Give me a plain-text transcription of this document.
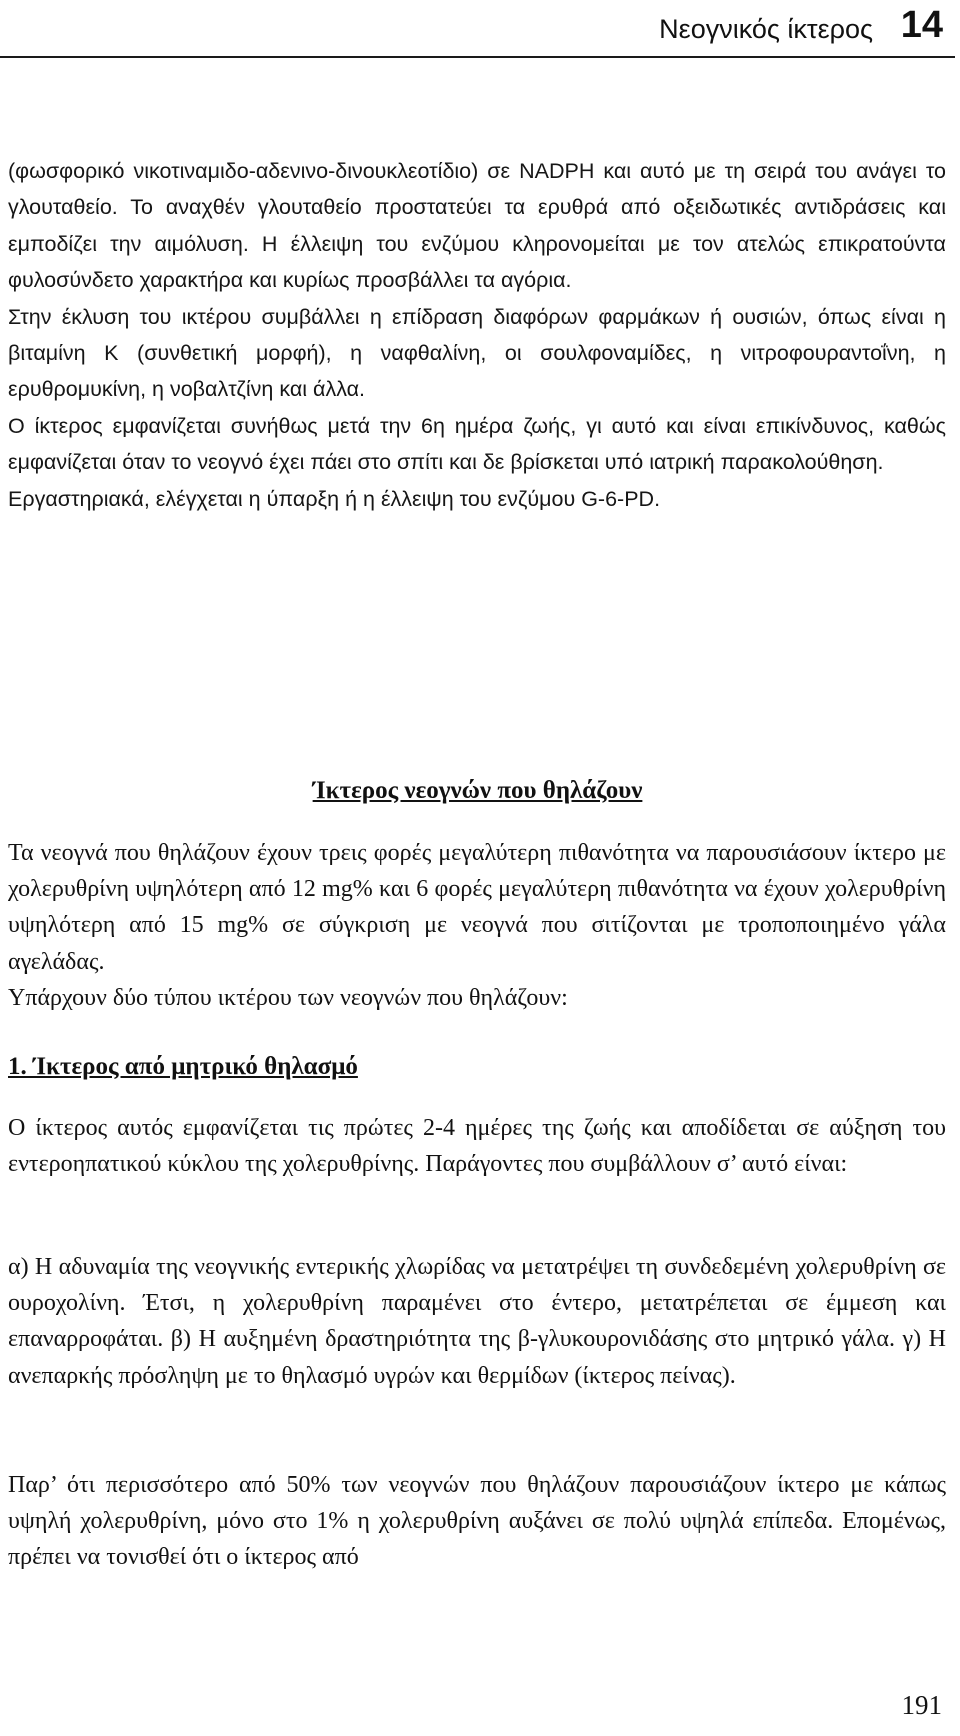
Νεογνικός ίκτερος 14

(φωσφορικό νικοτιναμιδο-αδενινο-δινουκλεοτίδιο) σε NADPH και αυτό με τη σειρά του ανάγει το γλουταθείο. Το αναχθέν γλουταθείο προστατεύει τα ερυθρά από οξειδωτικές αντιδράσεις και εμποδίζει την αιμόλυση. Η έλλειψη του ενζύμου κληρονομείται με τον ατελώς επικρατούντα φυλοσύνδετο χαρακτήρα και κυρίως προσβάλλει τα αγόρια.

Στην έκλυση του ικτέρου συμβάλλει η επίδραση διαφόρων φαρμάκων ή ουσιών, όπως είναι η βιταμίνη Κ (συνθετική μορφή), η ναφθαλίνη, οι σουλφοναμίδες, η νιτροφουραντοΐνη, η ερυθρομυκίνη, η νοβαλτζίνη και άλλα.

Ο ίκτερος εμφανίζεται συνήθως μετά την 6η ημέρα ζωής, γι αυτό και είναι επικίνδυνος, καθώς εμφανίζεται όταν το νεογνό έχει πάει στο σπίτι και δε βρίσκεται υπό ιατρική παρακολούθηση.

Εργαστηριακά, ελέγχεται η ύπαρξη ή η έλλειψη του ενζύμου G-6-PD.

Ίκτερος νεογνών που θηλάζουν

Τα νεογνά που θηλάζουν έχουν τρεις φορές μεγαλύτερη πιθανότητα να παρουσιάσουν ίκτερο με χολερυθρίνη υψηλότερη από 12 mg% και 6 φορές μεγαλύτερη πιθανότητα να έχουν χολερυθρίνη υψηλότερη από 15 mg% σε σύγκριση με νεογνά που σιτίζονται με τροποποιημένο γάλα αγελάδας.

Υπάρχουν δύο τύπου ικτέρου των νεογνών που θηλάζουν:

1. Ίκτερος από μητρικό θηλασμό

Ο ίκτερος αυτός εμφανίζεται τις πρώτες 2-4 ημέρες της ζωής και αποδίδεται σε αύξηση του εντεροηπατικού κύκλου της χολερυθρίνης. Παράγοντες που συμβάλλουν σ’ αυτό είναι:

α) Η αδυναμία της νεογνικής εντερικής χλωρίδας να μετατρέψει τη συνδεδεμένη χολερυθρίνη σε ουροχολίνη. Έτσι, η χολερυθρίνη παραμένει στο έντερο, μετατρέπεται σε έμμεση και επαναρροφάται. β) Η αυξημένη δραστηριότητα της β-γλυκουρονιδάσης στο μητρικό γάλα. γ) Η ανεπαρκής πρόσληψη με το θηλασμό υγρών και θερμίδων (ίκτερος πείνας).

Παρ’ ότι περισσότερο από 50% των νεογνών που θηλάζουν παρουσιάζουν ίκτερο με κάπως υψηλή χολερυθρίνη, μόνο στο 1% η χολερυθρίνη αυξάνει σε πολύ υψηλά επίπεδα. Επομένως, πρέπει να τονισθεί ότι ο ίκτερος από

191
